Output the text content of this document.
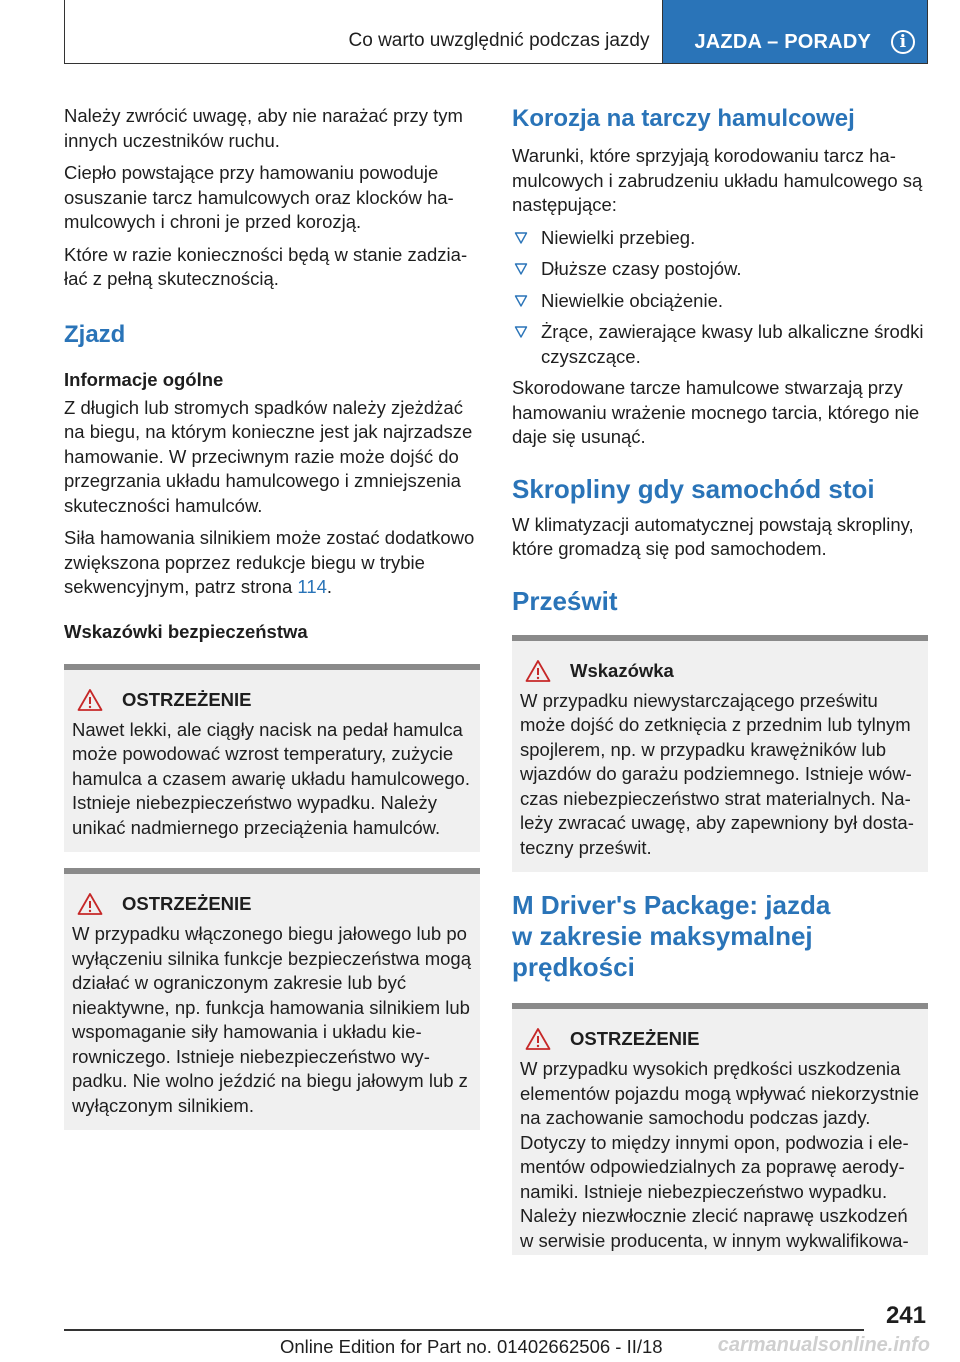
Co warto uwzględnić podczas jazdy	JAZDA – PORADY	i

Należy zwrócić uwagę, aby nie narażać przy tym innych uczestników ruchu.

Ciepło powstające przy hamowaniu powoduje osuszanie tarcz hamulcowych oraz klocków hamulcowych i chroni je przed korozją.

Które w razie konieczności będą w stanie zadziałać z pełną skutecznością.

Zjazd
Informacje ogólne

Z długich lub stromych spadków należy zjeżdżać na biegu, na którym konieczne jest jak najrzadsze hamowanie. W przeciwnym razie może dojść do przegrzania układu hamulcowego i zmniejszenia skuteczności hamulców.

Siła hamowania silnikiem może zostać dodatkowo zwiększona poprzez redukcje biegu w trybie sekwencyjnym, patrz strona 114.

Wskazówki bezpieczeństwa
OSTRZEŻENIE

Nawet lekki, ale ciągły nacisk na pedał hamulca może powodować wzrost temperatury, zużycie hamulca a czasem awarię układu hamulcowego. Istnieje niebezpieczeństwo wypadku. Należy unikać nadmiernego przeciążenia hamulców.

OSTRZEŻENIE

W przypadku włączonego biegu jałowego lub po wyłączeniu silnika funkcje bezpieczeństwa mogą działać w ograniczonym zakresie lub być nieaktywne, np. funkcja hamowania silnikiem lub wspomaganie siły hamowania i układu kierowniczego. Istnieje niebezpieczeństwo wypadku. Nie wolno jeździć na biegu jałowym lub z wyłączonym silnikiem.

Korozja na tarczy hamulcowej

Warunki, które sprzyjają korodowaniu tarcz hamulcowych i zabrudzeniu układu hamulcowego są następujące:

Niewielki przebieg.
Dłuższe czasy postojów.
Niewielkie obciążenie.
Żrące, zawierające kwasy lub alkaliczne środki czyszczące.

Skorodowane tarcze hamulcowe stwarzają przy hamowaniu wrażenie mocnego tarcia, którego nie daje się usunąć.

Skropliny gdy samochód stoi

W klimatyzacji automatycznej powstają skropliny, które gromadzą się pod samochodem.

Prześwit
Wskazówka

W przypadku niewystarczającego prześwitu może dojść do zetknięcia z przednim lub tylnym spojlerem, np. w przypadku krawężników lub wjazdów do garażu podziemnego. Istnieje wówczas niebezpieczeństwo strat materialnych. Należy zwracać uwagę, aby zapewniony był dostateczny prześwit.

M Driver's Package: jazda w zakresie maksymalnej prędkości
OSTRZEŻENIE

W przypadku wysokich prędkości uszkodzenia elementów pojazdu mogą wpływać niekorzystnie na zachowanie samochodu podczas jazdy. Dotyczy to między innymi opon, podwozia i elementów odpowiedzialnych za poprawę aerodynamiki. Istnieje niebezpieczeństwo wypadku. Należy niezwłocznie zlecić naprawę uszkodzeń w serwisie producenta, w innym wykwalifikowa-

241
Online Edition for Part no. 01402662506 - II/18	carmanualsonline.info
